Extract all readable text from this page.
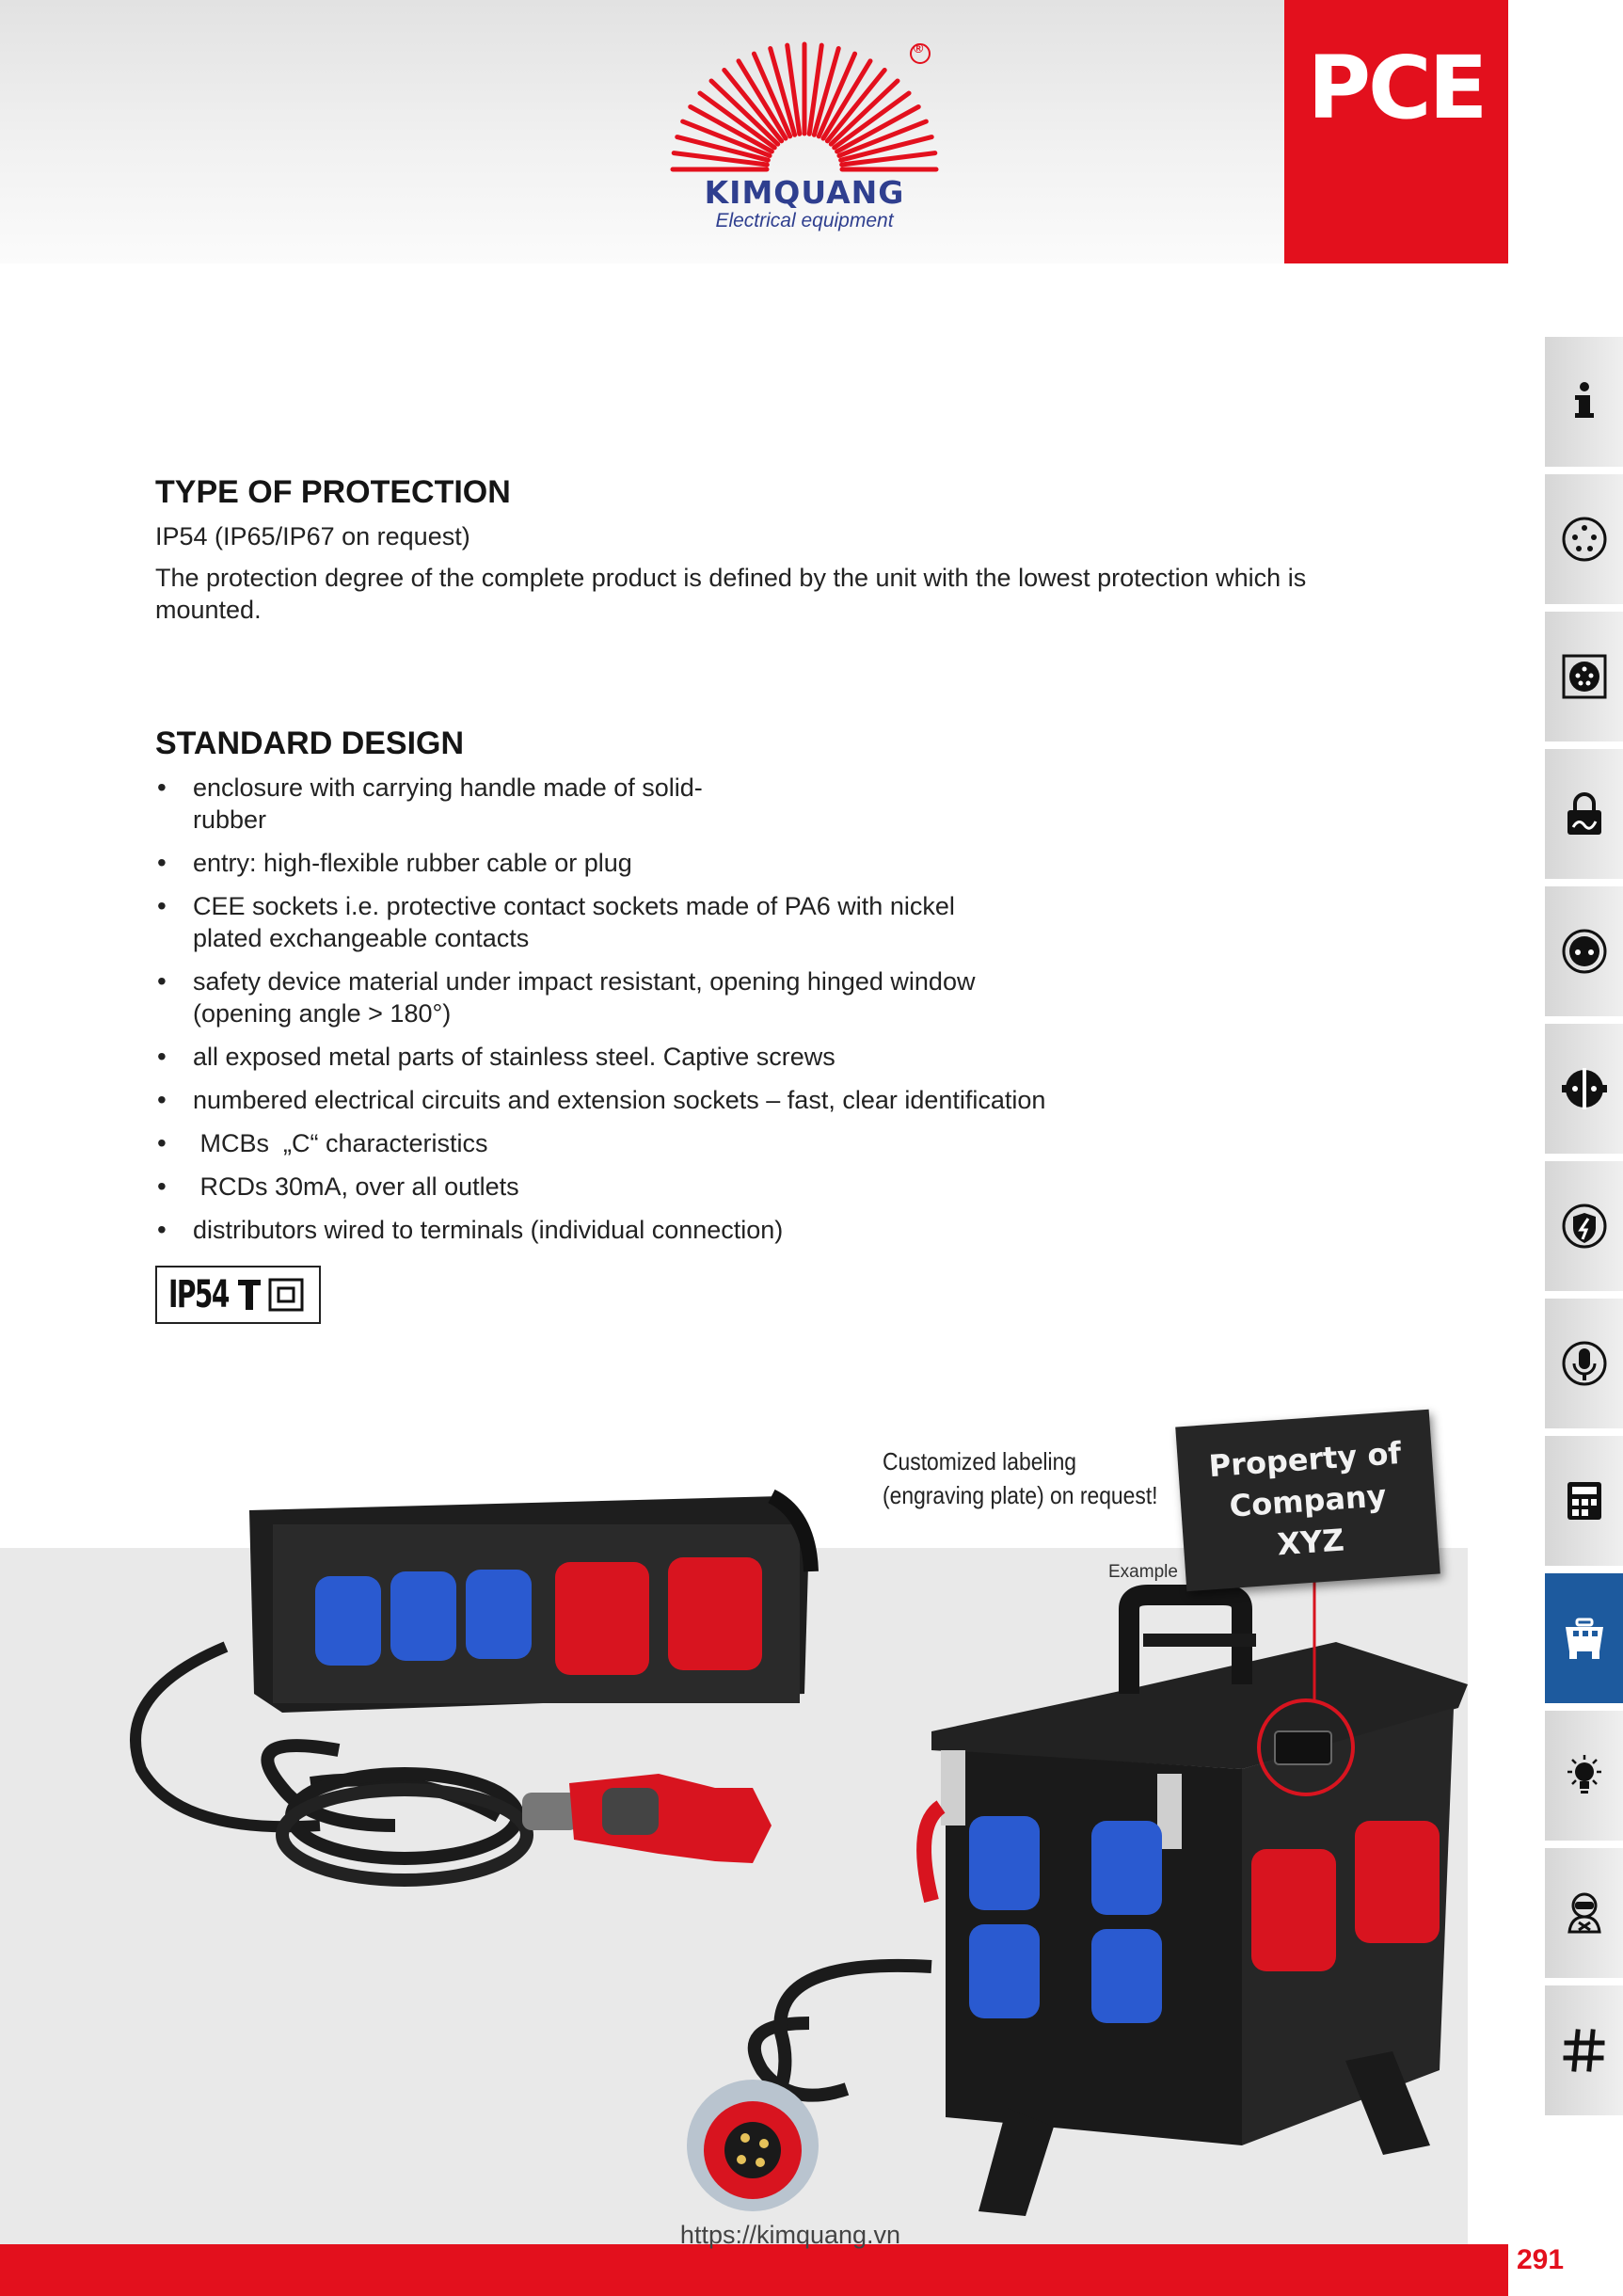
®
KIMQUANG
Electrical equipment
PCE
TYPE OF PROTECTION

IP54 (IP65/IP67 on request)

The protection degree of the complete product is defined by the unit with the lowest protection which is mounted.

STANDARD DESIGN
• enclosure with carrying handle made of solid-rubber
• entry: high-flexible rubber cable or plug
• CEE sockets i.e. protective contact sockets made of PA6 with nickel plated exchangeable contacts
• safety device material under impact resistant, opening hinged window (opening angle > 180°)
• all exposed metal parts of stainless steel. Captive screws
• numbered electrical circuits and extension sockets – fast, clear identification
•  MCBs  „C“ characteristics
•  RCDs 30mA, over all outlets
• distributors wired to terminals (individual connection)
IP54
Customized labeling
(engraving plate) on request!
Property of
Company
XYZ
Example
https://kimquang.vn
291
